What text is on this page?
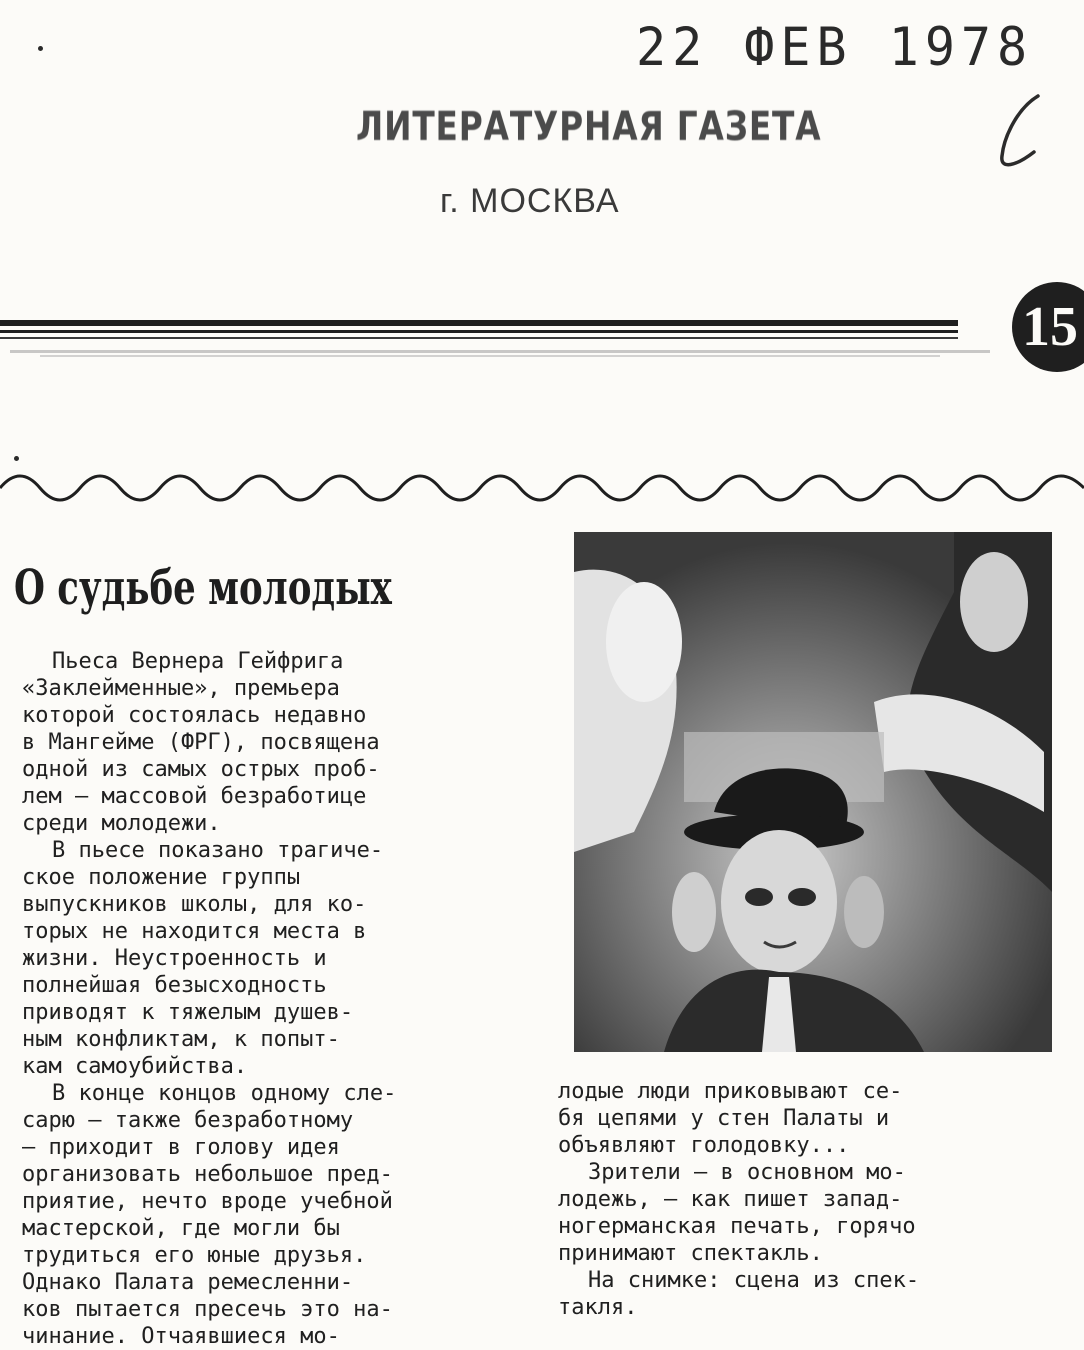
22 ФЕВ 1978
ЛИТЕРАТУРНАЯ ГАЗЕТА
г. МОСКВА
15
О судьбе молодых

Пьеса Вернера Гейфрига

«Заклейменные», премьера

которой состоялась недавно

в Мангейме (ФРГ), посвящена

одной из самых острых проб-

лем — массовой безработице

среди молодежи.

В пьесе показано трагиче-

ское положение группы

выпускников школы, для ко-

торых не находится места в

жизни. Неустроенность и

полнейшая безысходность

приводят к тяжелым душев-

ным конфликтам, к попыт-

кам самоубийства.

В конце концов одному сле-

сарю — также безработному

— приходит в голову идея

организовать небольшое пред-

приятие, нечто вроде учебной

мастерской, где могли бы

трудиться его юные друзья.

Однако Палата ремесленни-

ков пытается пресечь это на-

чинание. Отчаявшиеся мо-

лодые люди приковывают се-

бя цепями у стен Палаты и

объявляют голодовку...

Зрители — в основном мо-

лодежь, — как пишет запад-

ногерманская печать, горячо

принимают спектакль.

На снимке: сцена из спек-

такля.
